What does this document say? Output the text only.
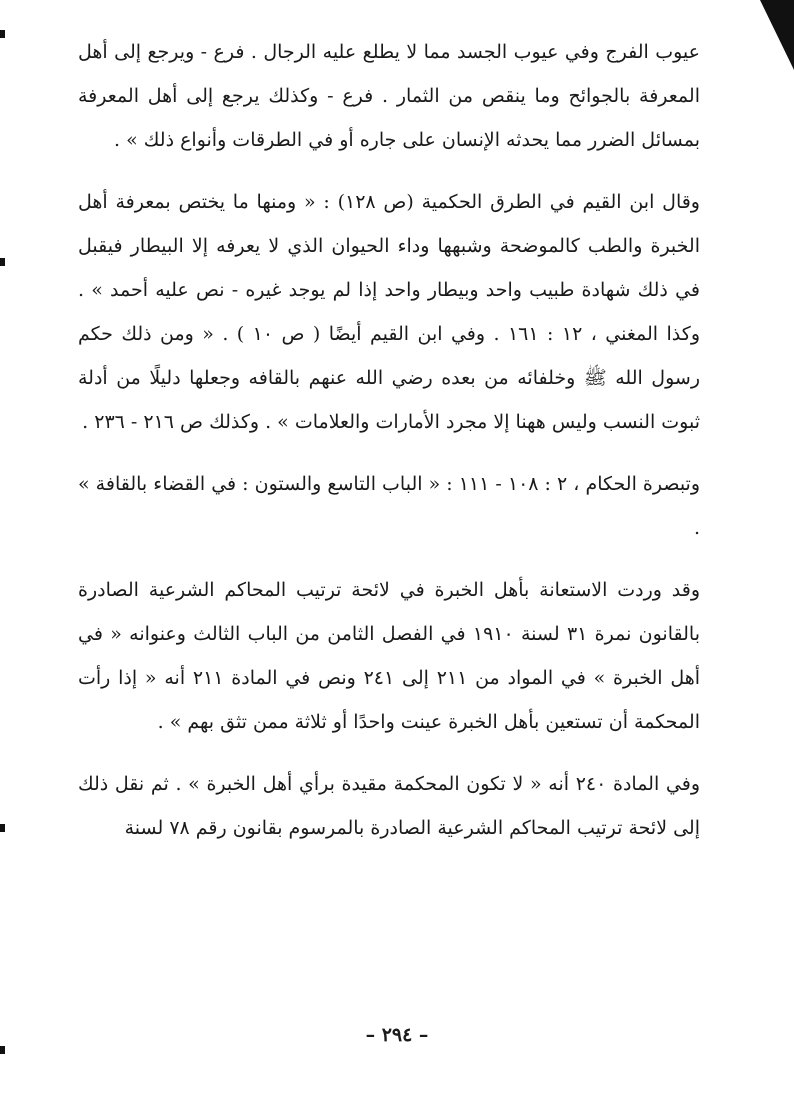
عيوب الفرج وفي عيوب الجسد مما لا يطلع عليه الرجال . فرع - ويرجع إلى أهل المعرفة بالجوائح وما ينقص من الثمار . فرع - وكذلك يرجع إلى أهل المعرفة بمسائل الضرر مما يحدثه الإنسان على جاره أو في الطرقات وأنواع ذلك » .

وقال ابن القيم في الطرق الحكمية (ص ١٢٨) : « ومنها ما يختص بمعرفة أهل الخبرة والطب كالموضحة وشبهها وداء الحيوان الذي لا يعرفه إلا البيطار فيقبل في ذلك شهادة طبيب واحد وبيطار واحد إذا لم يوجد غيره - نص عليه أحمد » . وكذا المغني ، ١٢ : ١٦١ . وفي ابن القيم أيضًا ( ص ١٠ ) . « ومن ذلك حكم رسول الله ﷺ وخلفائه من بعده رضي الله عنهم بالقافه وجعلها دليلًا من أدلة ثبوت النسب وليس ههنا إلا مجرد الأمارات والعلامات » . وكذلك ص ٢١٦ - ٢٣٦ .

وتبصرة الحكام ، ٢ : ١٠٨ - ١١١ : « الباب التاسع والستون : في القضاء بالقافة » .

وقد وردت الاستعانة بأهل الخبرة في لائحة ترتيب المحاكم الشرعية الصادرة بالقانون نمرة ٣١ لسنة ١٩١٠ في الفصل الثامن من الباب الثالث وعنوانه « في أهل الخبرة » في المواد من ٢١١ إلى ٢٤١ ونص في المادة ٢١١ أنه « إذا رأت المحكمة أن تستعين بأهل الخبرة عينت واحدًا أو ثلاثة ممن تثق بهم » .

وفي المادة ٢٤٠ أنه « لا تكون المحكمة مقيدة برأي أهل الخبرة » . ثم نقل ذلك إلى لائحة ترتيب المحاكم الشرعية الصادرة بالمرسوم بقانون رقم ٧٨ لسنة

– ٢٩٤ –
